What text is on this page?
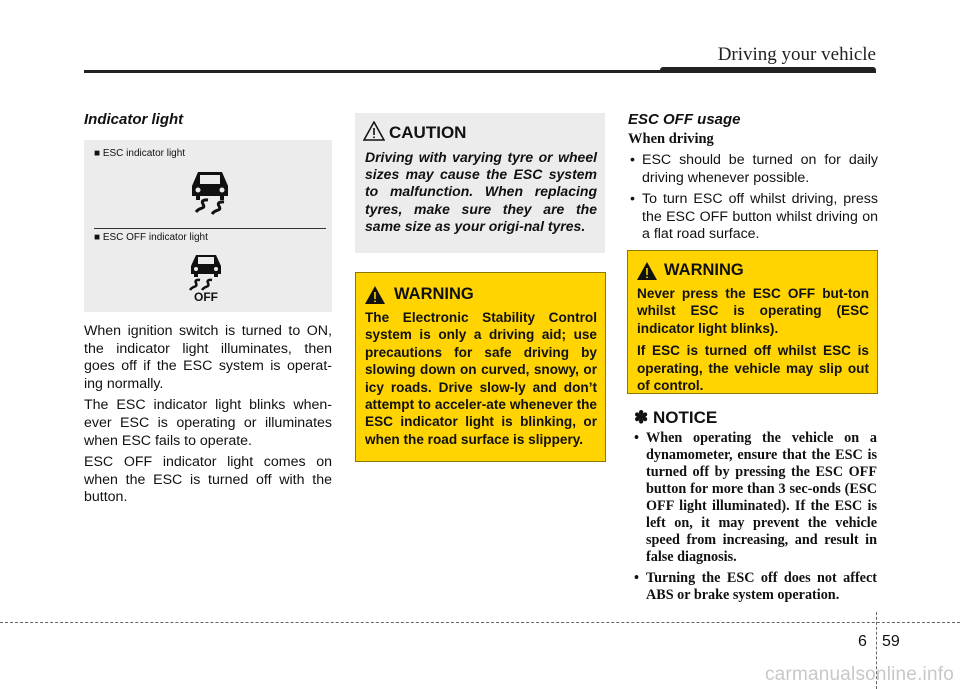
Driving your vehicle
Indicator light
■ ESC indicator light
■ ESC OFF indicator light
OFF

When ignition switch is turned to ON, the indicator light illuminates, then goes off if the ESC system is operat-ing normally.

The ESC indicator light blinks when-ever ESC is operating or illuminates when ESC fails to operate.

ESC OFF indicator light comes on when the ESC is turned off with the button.

CAUTION
Driving with varying tyre or wheel sizes may cause the ESC system to malfunction. When replacing tyres, make sure they are the same size as your origi-nal tyres.
WARNING
The Electronic Stability Control system is only a driving aid; use precautions for safe driving by slowing down on curved, snowy, or icy roads. Drive slow-ly and don’t attempt to acceler-ate whenever the ESC indicator light is blinking, or when the road surface is slippery.
ESC OFF usage
When driving
• ESC should be turned on for daily driving whenever possible.
• To turn ESC off whilst driving, press the ESC OFF button whilst driving on a flat road surface.
WARNING

Never press the ESC OFF but-ton whilst ESC is operating (ESC indicator light blinks).

If ESC is turned off whilst ESC is operating, the vehicle may slip out of control.

✽ NOTICE
• When operating the vehicle on a dynamometer, ensure that the ESC is turned off by pressing the ESC OFF button for more than 3 sec-onds (ESC OFF light illuminated). If the ESC is left on, it may prevent the vehicle speed from increasing, and result in false diagnosis.
• Turning the ESC off does not affect ABS or brake system operation.
6 59
carmanualsonline.info
